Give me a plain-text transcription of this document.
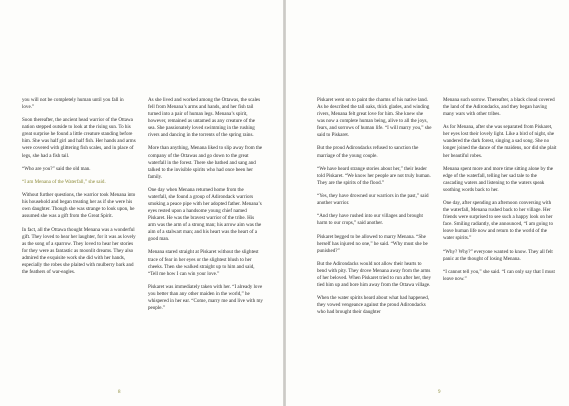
you will not be completely human until you fall in love.”

Soon thereafter, the ancient head warrior of the Ottawa nation stepped outside to look at the rising sun. To his great surprise he found a little creature standing before him. She was half girl and half fish. Her hands and arms were covered with glittering fish scales, and in place of legs, she had a fish tail.

“Who are you?” said the old man.

“I am Menana of the Waterfall,” she said.

Without further questions, the warrior took Menana into his household and began treating her as if she were his own daughter. Though she was strange to look upon, he assumed she was a gift from the Great Spirit.

In fact, all the Ottawa thought Menana was a wonderful gift. They loved to hear her laughter, for it was as lovely as the song of a sparrow. They loved to hear her stories for they were as fantastic as moonlit dreams. They also admired the exquisite work she did with her hands, especially the robes she plaited with mulberry bark and the feathers of war-eagles.

As she lived and worked among the Ottawas, the scales fell from Menana’s arms and hands, and her fish tail turned into a pair of human legs. Menana’s spirit, however, remained as untamed as any creature of the sea. She passionately loved swimming in the rushing rivers and dancing in the torrents of the spring rains.

More than anything, Menana liked to slip away from the company of the Ottawas and go down to the great waterfall in the forest. There she bathed and sang and talked to the invisible spirits who had once been her family.

One day when Menana returned home from the waterfall, she found a group of Adirondack warriors smoking a peace pipe with her adopted father. Menana’s eyes rested upon a handsome young chief named Piskaret. He was the bravest warrior of the tribe. His arm was the arm of a strong man; his arrow aim was the aim of a stalwart man; and his heart was the heart of a good man.

Menana stared straight at Piskaret without the slightest trace of fear in her eyes or the slightest blush to her cheeks. Then she walked straight up to him and said, “Tell me how I can win your love.”

Piskaret was immediately taken with her. “I already love you better than any other maiden in the world,” he whispered in her ear. “Come, marry me and live with my people.”

8

Piskaret went on to paint the charms of his native land. As he described the tall oaks, thick glades, and winding rivers, Menana felt great love for him. She knew she was now a complete human being, alive to all the joys, fears, and sorrows of human life. “I will marry you,” she said to Piskaret.

But the proud Adirondacks refused to sanction the marriage of the young couple.

“We have heard strange stories about her,” their leader told Piskaret. “We know her people are not truly human. They are the spirits of the flood.”

“Yes, they have drowned our warriors in the past,” said another warrior.

“And they have rushed into our villages and brought harm to our crops,” said another.

Piskaret begged to be allowed to marry Menana. “She herself has injured no one,” he said. “Why must she be punished?”

But the Adirondacks would not allow their hearts to bend with pity. They drove Menana away from the arms of her beloved. When Piskaret tried to run after her, they tied him up and bore him away from the Ottawa village.

When the water spirits heard about what had happened, they vowed vengeance against the proud Adirondacks who had brought their daughter

Menana such sorrow. Thereafter, a black cloud covered the land of the Adirondacks, and they began having many wars with other tribes.

As for Menana, after she was separated from Piskaret, her eyes lost their lovely light. Like a bird of night, she wandered the dark forest, singing a sad song. She no longer joined the dance of the maidens, nor did she plait her beautiful robes.

Menana spent more and more time sitting alone by the edge of the waterfall, telling her sad tale to the cascading waters and listening to the waters speak soothing words back to her.

One day, after spending an afternoon conversing with the waterfall, Menana rushed back to her village. Her friends were surprised to see such a happy look on her face. Smiling radiantly, she announced, “I am going to leave human life now and return to the world of the water spirits.”

“Why? Why?” everyone wanted to know. They all felt panic at the thought of losing Menana.

“I cannot tell you,” she said. “I can only say that I must leave now.”

9
